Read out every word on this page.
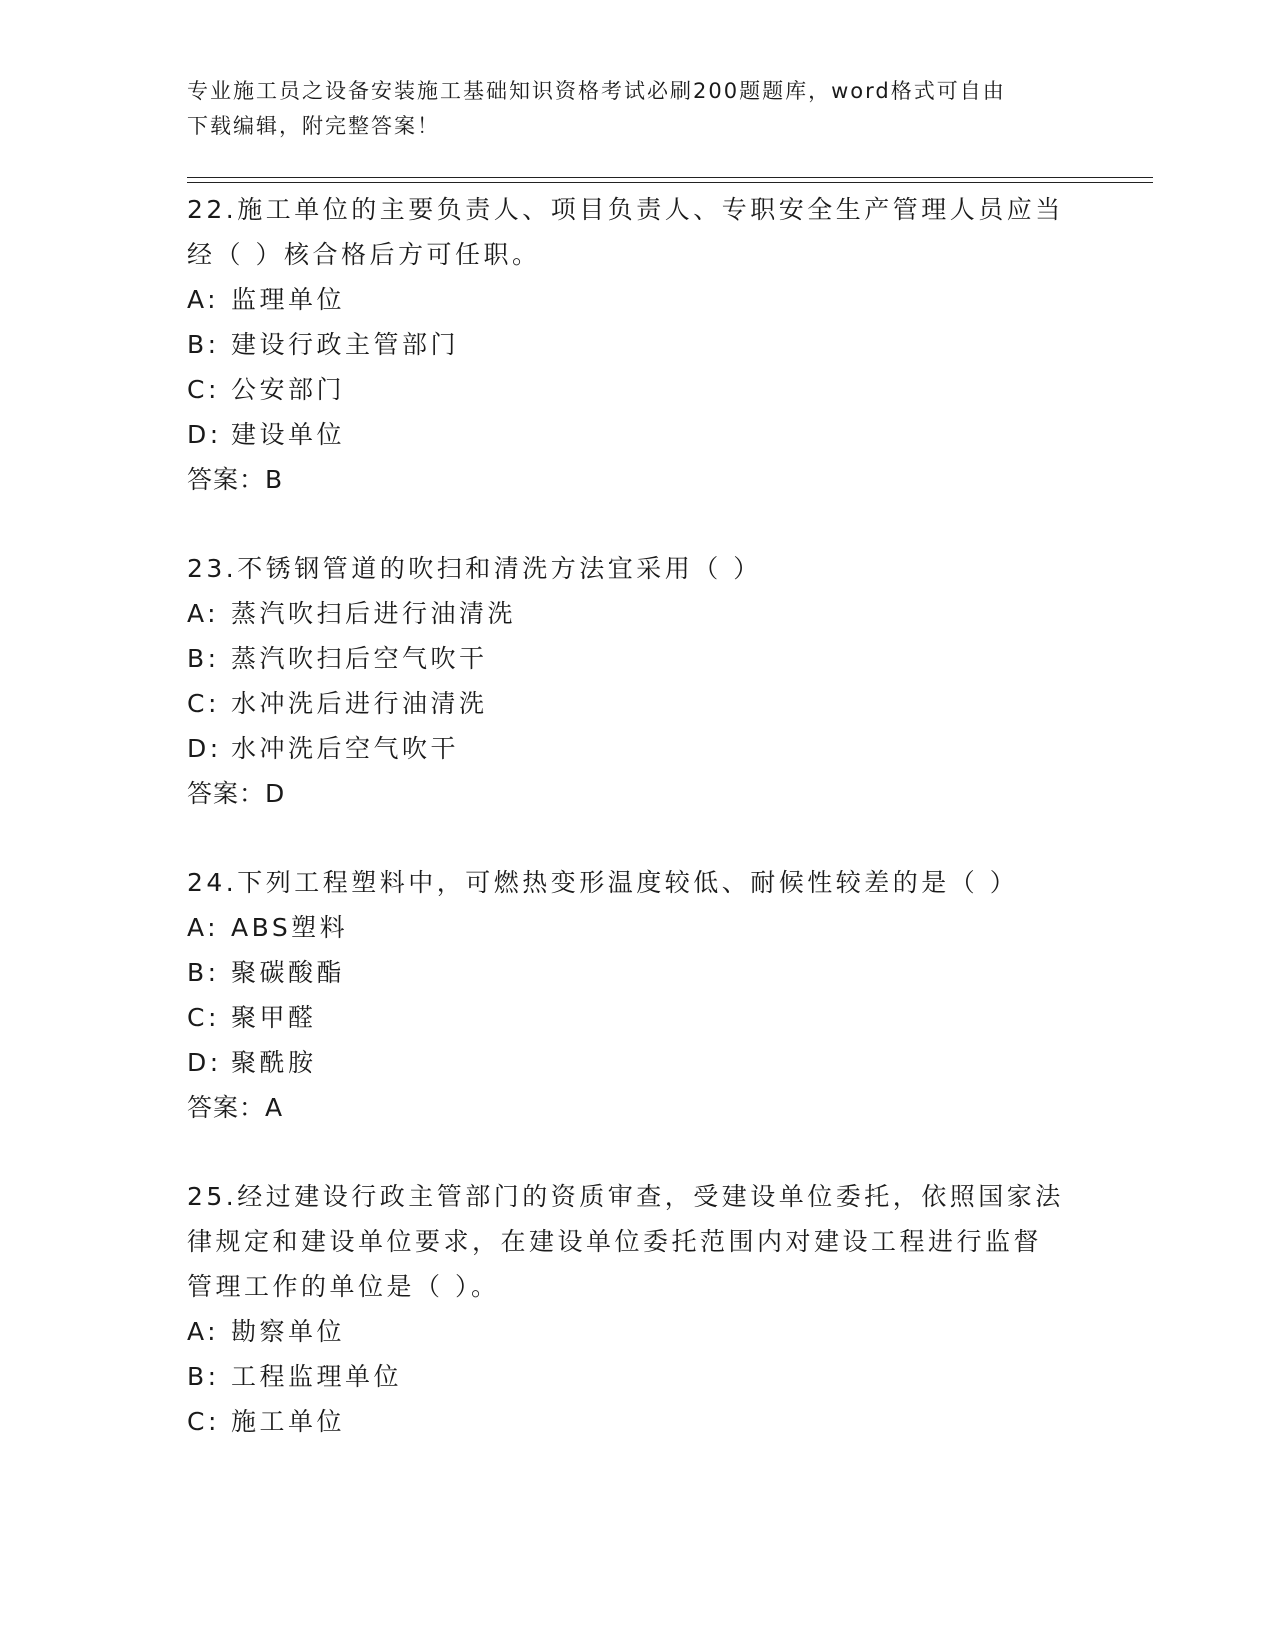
专业施工员之设备安装施工基础知识资格考试必刷200题题库，word格式可自由
下载编辑，附完整答案！
22.施工单位的主要负责人、项目负责人、专职安全生产管理人员应当
经（ ）核合格后方可任职。
A: 监理单位
B: 建设行政主管部门
C: 公安部门
D: 建设单位
答案： B
23.不锈钢管道的吹扫和清洗方法宜采用（ ）
A: 蒸汽吹扫后进行油清洗
B: 蒸汽吹扫后空气吹干
C: 水冲洗后进行油清洗
D: 水冲洗后空气吹干
答案： D
24.下列工程塑料中，可燃热变形温度较低、耐候性较差的是（ ）
A: ABS塑料
B: 聚碳酸酯
C: 聚甲醛
D: 聚酰胺
答案： A
25.经过建设行政主管部门的资质审查，受建设单位委托，依照国家法
律规定和建设单位要求，在建设单位委托范围内对建设工程进行监督
管理工作的单位是（ ）。
A: 勘察单位
B: 工程监理单位
C: 施工单位
